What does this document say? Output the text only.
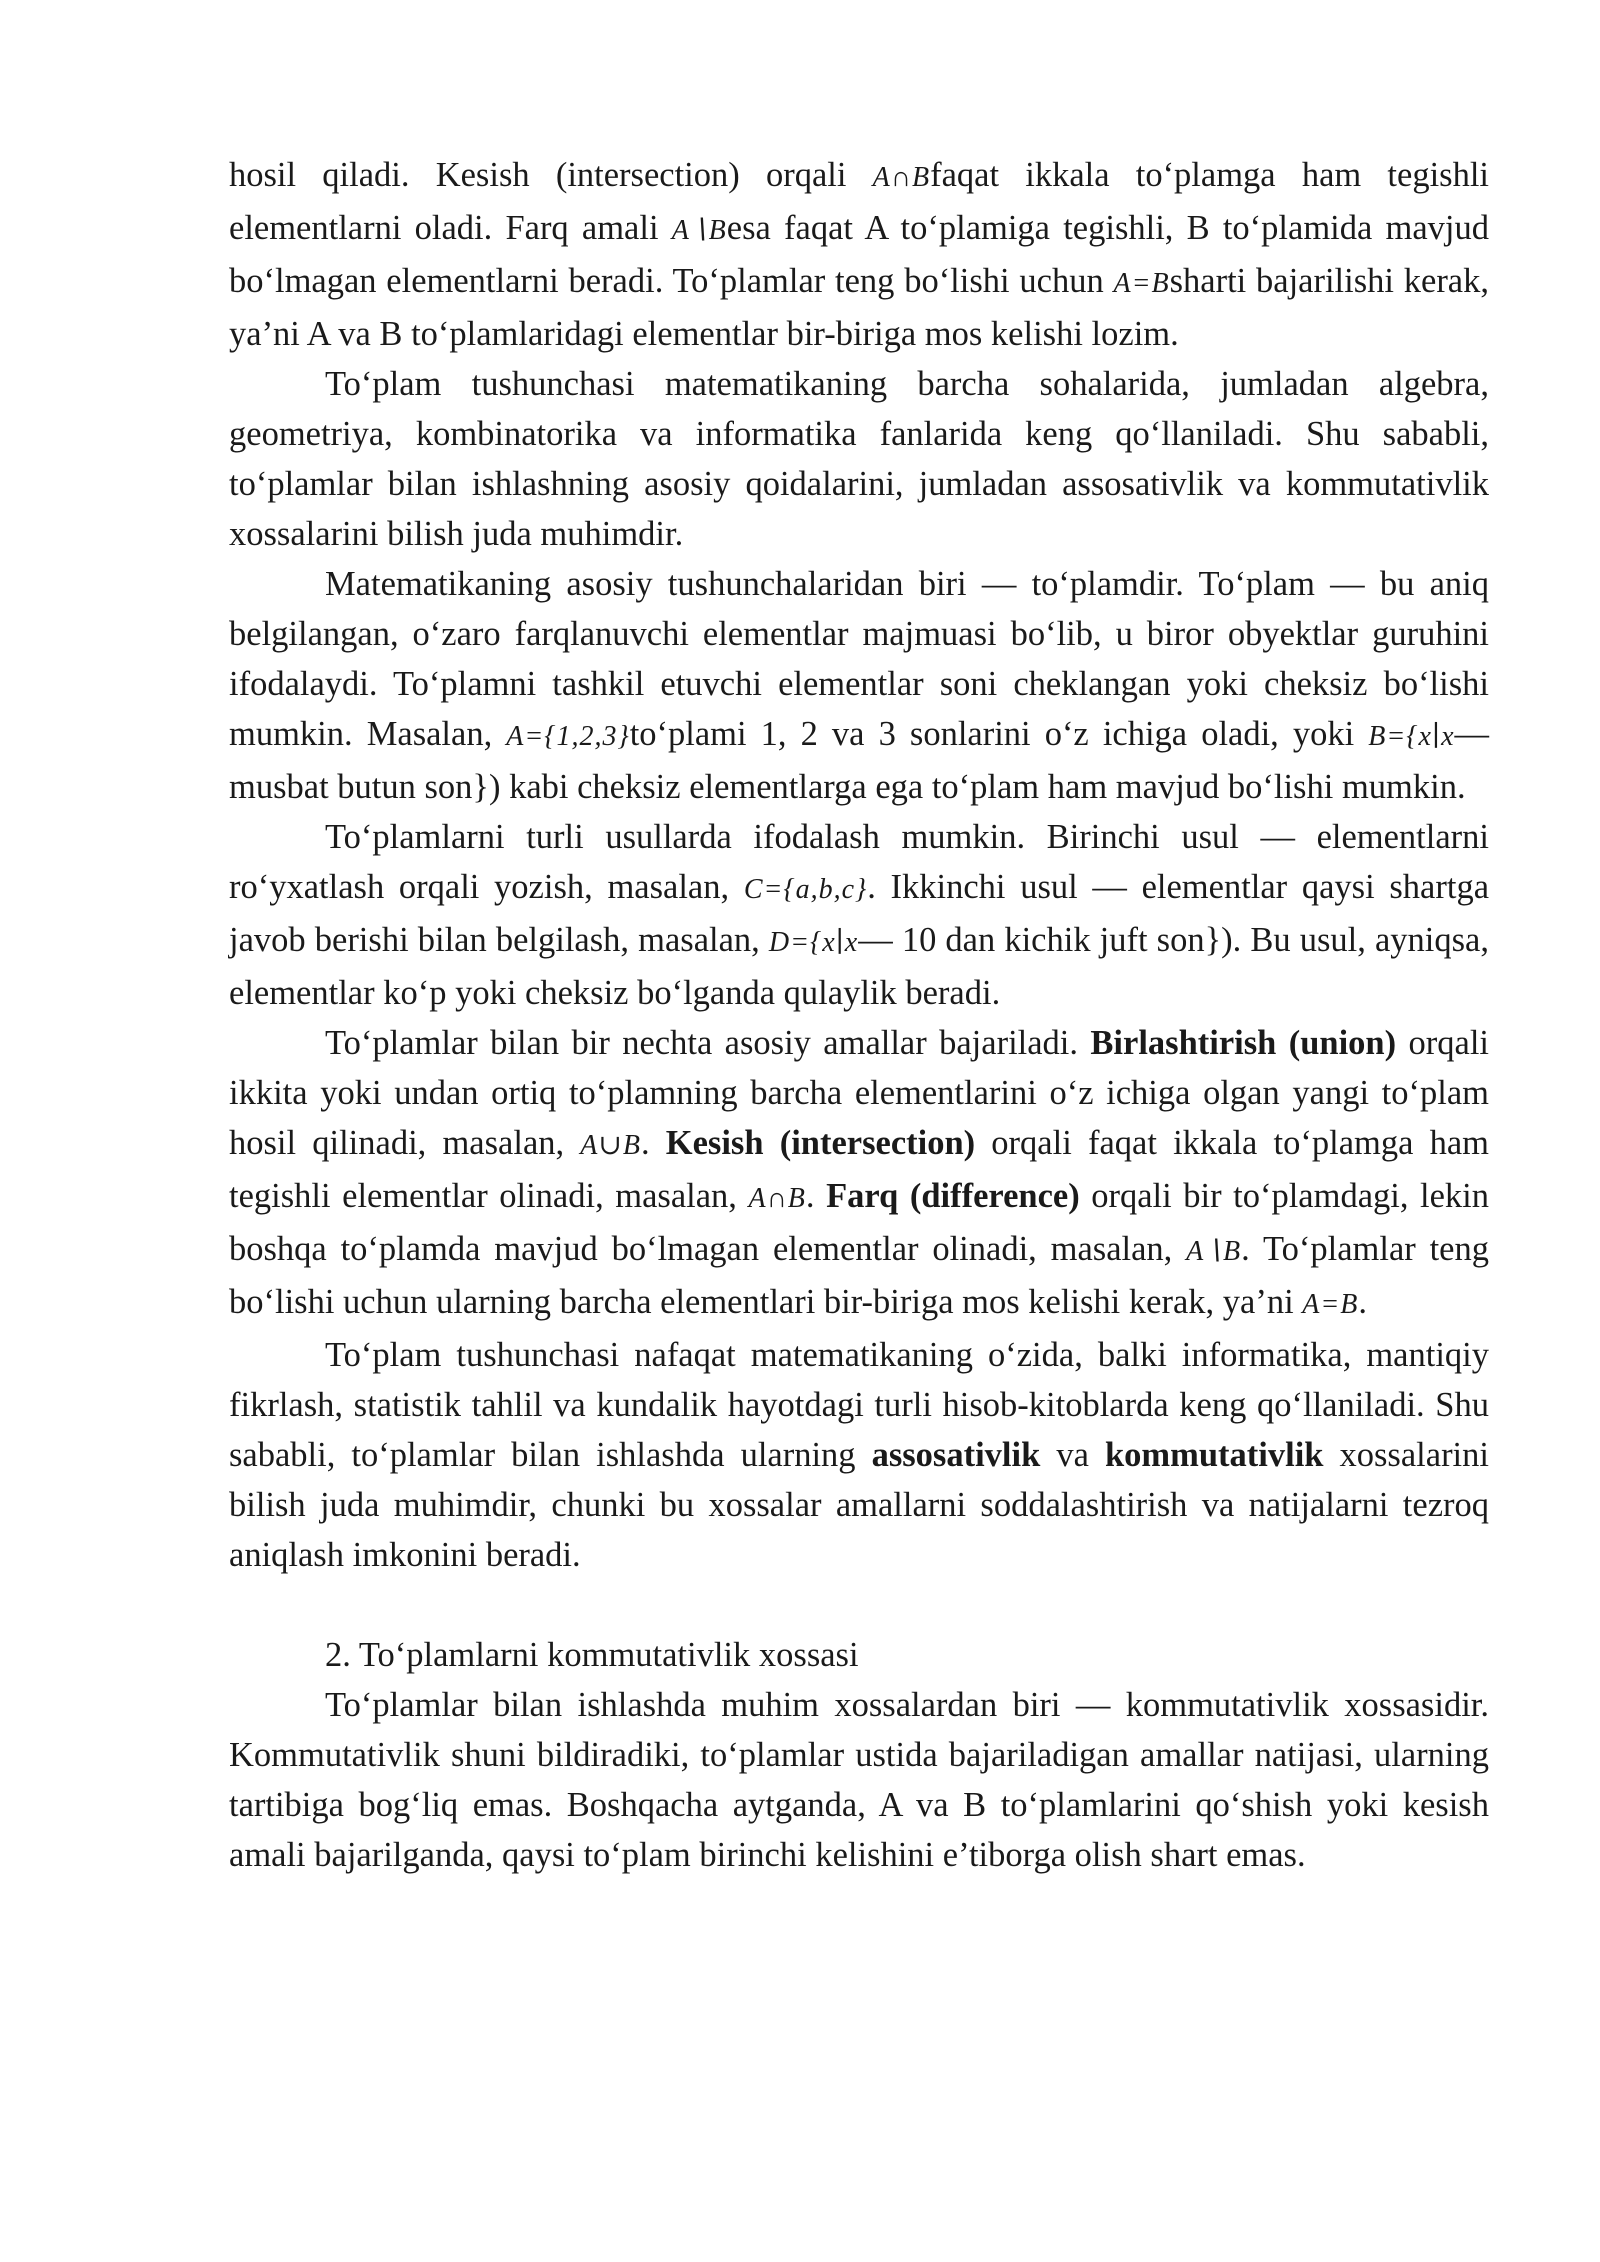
hosil qiladi. Kesish (intersection) orqali A∩Bfaqat ikkala to‘plamga ham tegishli elementlarni oladi. Farq amali A∖Besa faqat A to‘plamiga tegishli, B to‘plamida mavjud bo‘lmagan elementlarni beradi. To‘plamlar teng bo‘lishi uchun A=Bsharti bajarilishi kerak, ya’ni A va B to‘plamlaridagi elementlar bir-biriga mos kelishi lozim.

To‘plam tushunchasi matematikaning barcha sohalarida, jumladan algebra, geometriya, kombinatorika va informatika fanlarida keng qo‘llaniladi. Shu sababli, to‘plamlar bilan ishlashning asosiy qoidalarini, jumladan assosativlik va kommutativlik xossalarini bilish juda muhimdir.

Matematikaning asosiy tushunchalaridan biri — to‘plamdir. To‘plam — bu aniq belgilangan, o‘zaro farqlanuvchi elementlar majmuasi bo‘lib, u biror obyektlar guruhini ifodalaydi. To‘plamni tashkil etuvchi elementlar soni cheklangan yoki cheksiz bo‘lishi mumkin. Masalan, A={1,2,3}to‘plami 1, 2 va 3 sonlarini o‘z ichiga oladi, yoki B={x∣x— musbat butun son}) kabi cheksiz elementlarga ega to‘plam ham mavjud bo‘lishi mumkin.

To‘plamlarni turli usullarda ifodalash mumkin. Birinchi usul — elementlarni ro‘yxatlash orqali yozish, masalan, C={a,b,c}. Ikkinchi usul — elementlar qaysi shartga javob berishi bilan belgilash, masalan, D={x∣x— 10 dan kichik juft son}). Bu usul, ayniqsa, elementlar ko‘p yoki cheksiz bo‘lganda qulaylik beradi.

To‘plamlar bilan bir nechta asosiy amallar bajariladi. Birlashtirish (union) orqali ikkita yoki undan ortiq to‘plamning barcha elementlarini o‘z ichiga olgan yangi to‘plam hosil qilinadi, masalan, A∪B. Kesish (intersection) orqali faqat ikkala to‘plamga ham tegishli elementlar olinadi, masalan, A∩B. Farq (difference) orqali bir to‘plamdagi, lekin boshqa to‘plamda mavjud bo‘lmagan elementlar olinadi, masalan, A∖B. To‘plamlar teng bo‘lishi uchun ularning barcha elementlari bir-biriga mos kelishi kerak, ya’ni A=B.

To‘plam tushunchasi nafaqat matematikaning o‘zida, balki informatika, mantiqiy fikrlash, statistik tahlil va kundalik hayotdagi turli hisob-kitoblarda keng qo‘llaniladi. Shu sababli, to‘plamlar bilan ishlashda ularning assosativlik va kommutativlik xossalarini bilish juda muhimdir, chunki bu xossalar amallarni soddalashtirish va natijalarni tezroq aniqlash imkonini beradi.

2. To‘plamlarni kommutativlik xossasi

To‘plamlar bilan ishlashda muhim xossalardan biri — kommutativlik xossasidir. Kommutativlik shuni bildiradiki, to‘plamlar ustida bajariladigan amallar natijasi, ularning tartibiga bog‘liq emas. Boshqacha aytganda, A va B to‘plamlarini qo‘shish yoki kesish amali bajarilganda, qaysi to‘plam birinchi kelishini e’tiborga olish shart emas.
